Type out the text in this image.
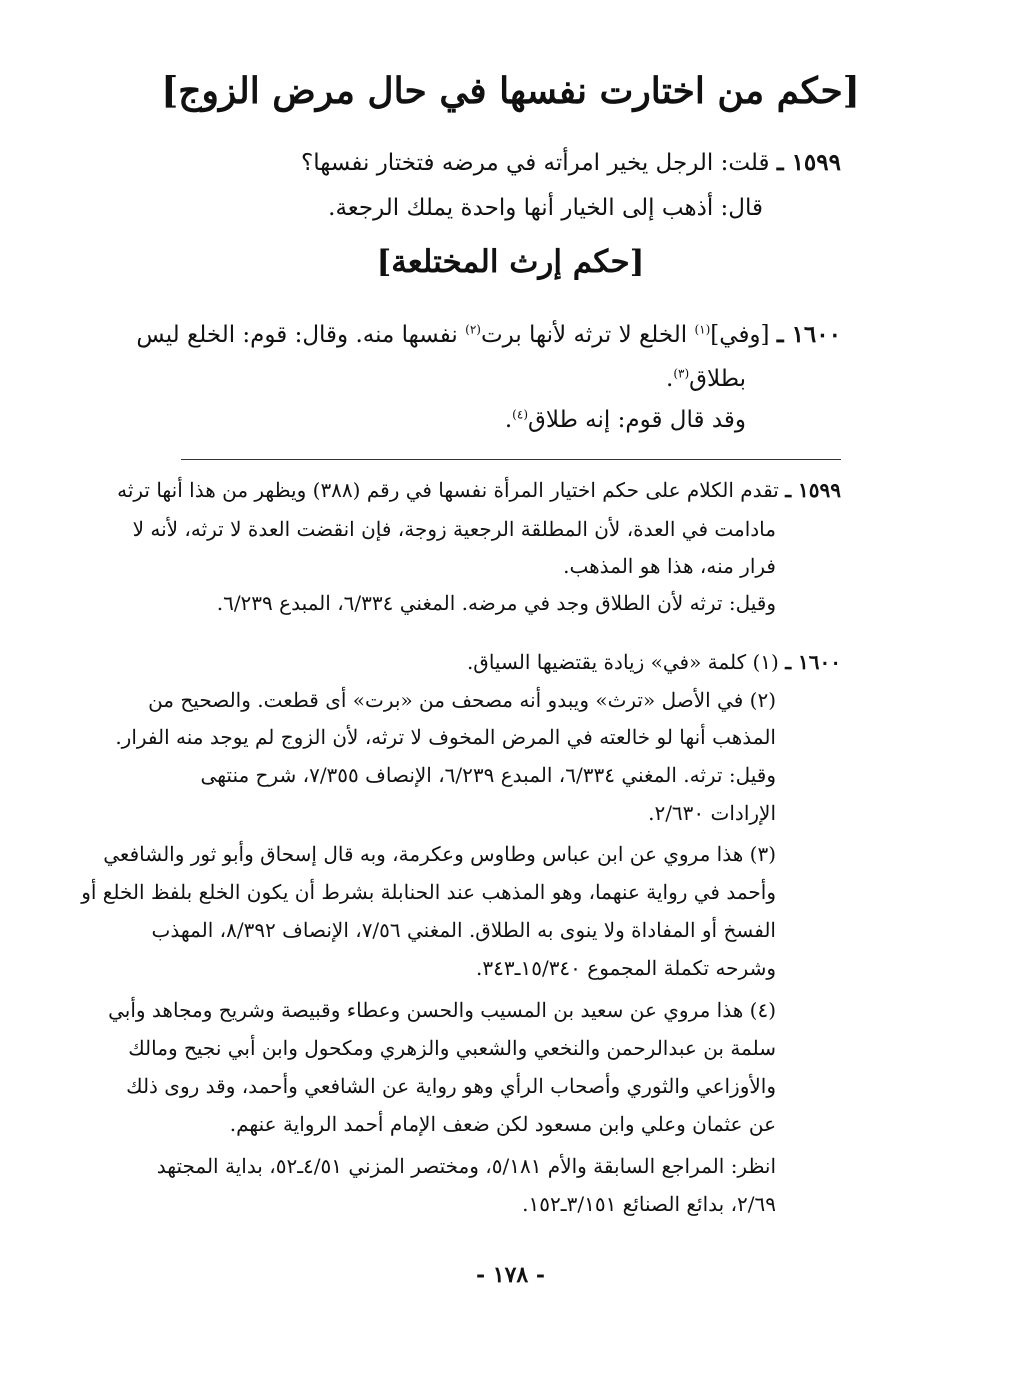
[حكم من اختارت نفسها في حال مرض الزوج]
١٥٩٩ ـ قلت: الرجل يخير امرأته في مرضه فتختار نفسها؟
قال: أذهب إلى الخيار أنها واحدة يملك الرجعة.
[حكم إرث المختلعة]
١٦٠٠ ـ [وفي]$^{(١)}$ الخلع لا ترثه لأنها برت$^{(٢)}$ نفسها منه. وقال: قوم: الخلع ليس
بطلاق$^{(٣)}$.
وقد قال قوم: إنه طلاق$^{(٤)}$.
١٥٩٩ ـ تقدم الكلام على حكم اختيار المرأة نفسها في رقم (٣٨٨) ويظهر من هذا أنها ترثه
مادامت في العدة، لأن المطلقة الرجعية زوجة، فإن انقضت العدة لا ترثه، لأنه لا
فرار منه، هذا هو المذهب.
وقيل: ترثه لأن الطلاق وجد في مرضه. المغني ٦/٣٣٤، المبدع ٦/٢٣٩.
١٦٠٠ ـ (١) كلمة «في» زيادة يقتضيها السياق.
(٢) في الأصل «ترث» ويبدو أنه مصحف من «برت» أى قطعت. والصحيح من
المذهب أنها لو خالعته في المرض المخوف لا ترثه، لأن الزوج لم يوجد منه الفرار.
وقيل: ترثه. المغني ٦/٣٣٤، المبدع ٦/٢٣٩، الإنصاف ٧/٣٥٥، شرح منتهى
الإرادات ٢/٦٣٠.
(٣) هذا مروي عن ابن عباس وطاوس وعكرمة، وبه قال إسحاق وأبو ثور والشافعي
وأحمد في رواية عنهما، وهو المذهب عند الحنابلة بشرط أن يكون الخلع بلفظ الخلع أو
الفسخ أو المفاداة ولا ينوى به الطلاق. المغني ٧/٥٦، الإنصاف ٨/٣٩٢، المهذب
وشرحه تكملة المجموع ١٥/٣٤٠ـ٣٤٣.
(٤) هذا مروي عن سعيد بن المسيب والحسن وعطاء وقبيصة وشريح ومجاهد وأبي
سلمة بن عبدالرحمن والنخعي والشعبي والزهري ومكحول وابن أبي نجيح ومالك
والأوزاعي والثوري وأصحاب الرأي وهو رواية عن الشافعي وأحمد، وقد روى ذلك
عن عثمان وعلي وابن مسعود لكن ضعف الإمام أحمد الرواية عنهم.
انظر: المراجع السابقة والأم ٥/١٨١، ومختصر المزني ٤/٥١ـ٥٢، بداية المجتهد
٢/٦٩، بدائع الصنائع ٣/١٥١ـ١٥٢.
- ١٧٨ -
